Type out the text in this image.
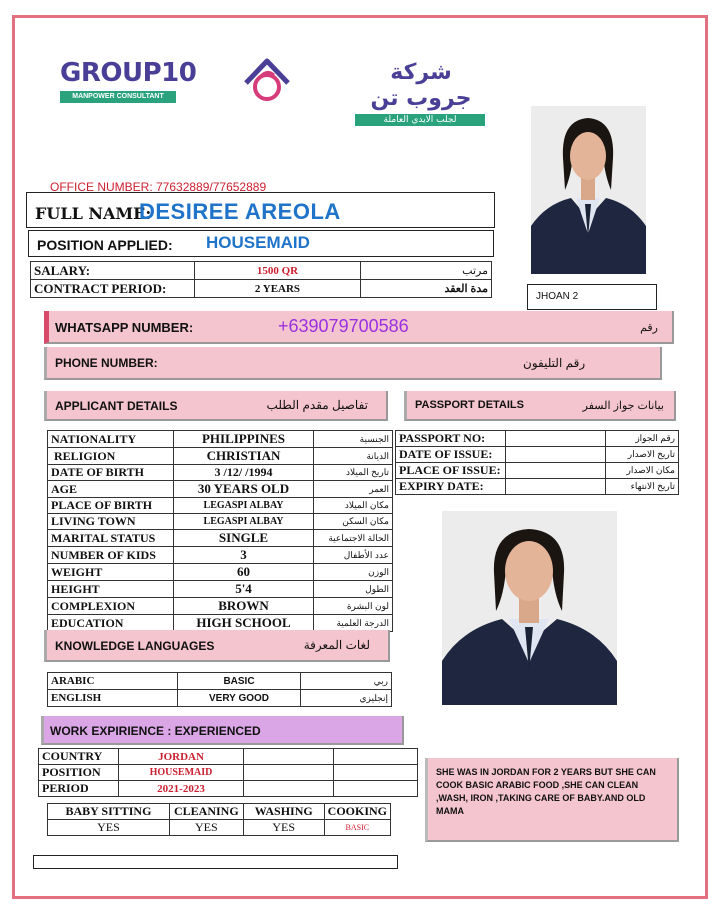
GROUP10
MANPOWER CONSULTANT
شركة جروب تن
لجلب الايدي العاملة
JHOAN 2
OFFICE NUMBER: 77632889/77652889
FULL NAME:
DESIREE AREOLA
POSITION APPLIED: HOUSEMAID
SALARY:	1500 QR	مرتب
CONTRACT PERIOD:	2 YEARS	مدة العقد
WHATSAPP NUMBER:	+639079700586	رقم
PHONE NUMBER:	رقم التليفون
APPLICANT DETAILS	تفاصيل مقدم الطلب	PASSPORT DETAILS	بيانات جواز السفر
NATIONALITY	PHILIPPINES	الجنسية
RELIGION	CHRISTIAN	الديانة
DATE OF BIRTH	3 /12/ /1994	تاريخ الميلاد
AGE	30 YEARS OLD	العمر
PLACE OF BIRTH	LEGASPI ALBAY	مكان الميلاد
LIVING TOWN	LEGASPI ALBAY	مكان السكن
MARITAL STATUS	SINGLE	الحالة الاجتماعية
NUMBER OF KIDS	3	عدد الأطفال
WEIGHT	60	الوزن
HEIGHT	5'4	الطول
COMPLEXION	BROWN	لون البشرة
EDUCATION	HIGH SCHOOL	الدرجة العلمية
PASSPORT NO:		رقم الجواز
DATE OF ISSUE:		تاريخ الاصدار
PLACE OF ISSUE:		مكان الاصدار
EXPIRY DATE:		تاريخ الانتهاء
KNOWLEDGE LANGUAGES	لغات المعرفة
ARABIC	BASIC	ربي
ENGLISH	VERY GOOD	إنجليزي
WORK EXPIRIENCE : EXPERIENCED
COUNTRY	JORDAN		
POSITION	HOUSEMAID		
PERIOD	2021-2023		
BABY SITTING	CLEANING	WASHING	COOKING
YES	YES	YES	BASIC
SHE WAS IN JORDAN FOR 2 YEARS BUT SHE CAN COOK BASIC ARABIC FOOD ,SHE CAN CLEAN ,WASH, IRON ,TAKING CARE OF BABY.AND OLD MAMA
